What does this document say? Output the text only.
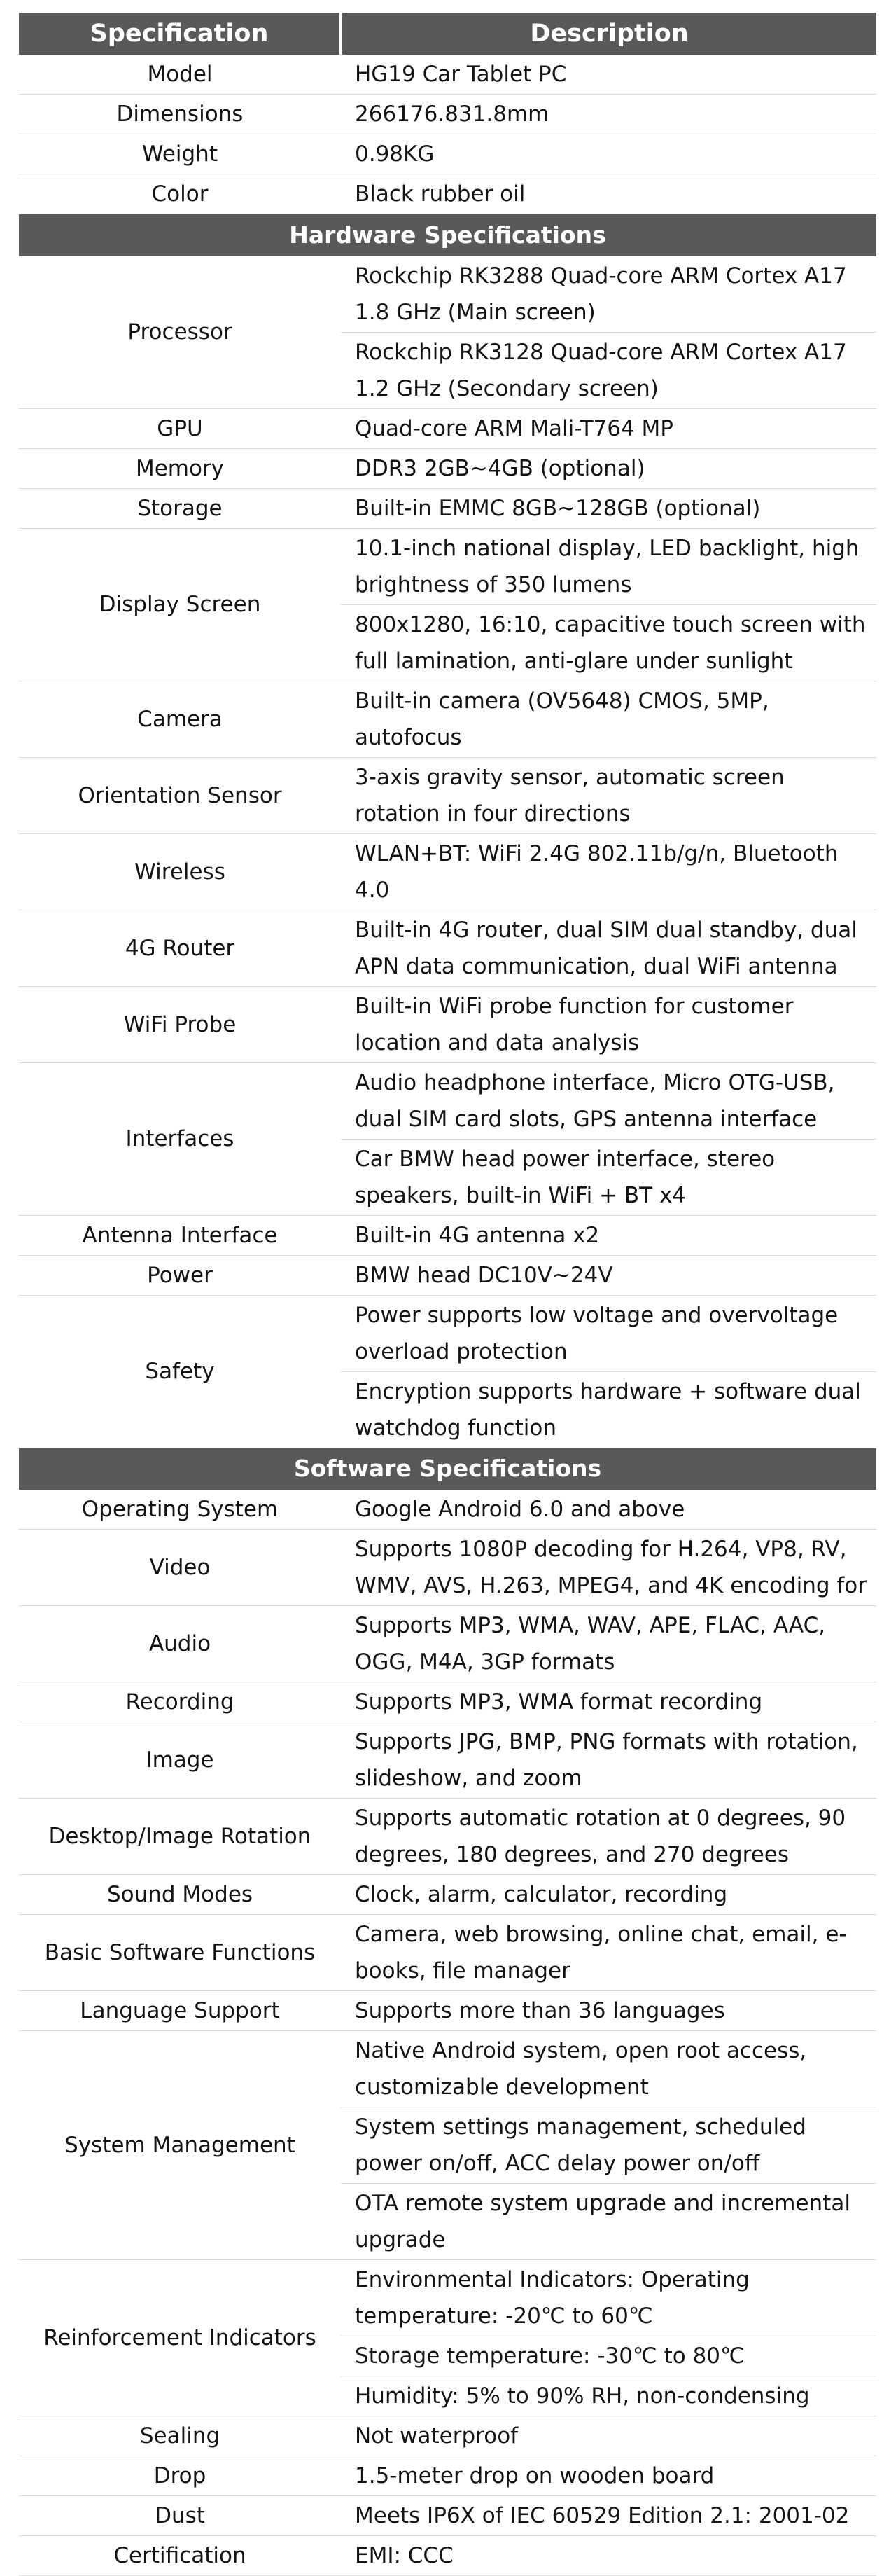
Specification	Description
Model	HG19 Car Tablet PC
Dimensions	266176.831.8mm
Weight	0.98KG
Color	Black rubber oil
Hardware Specifications	
Processor	Rockchip RK3288 Quad-core ARM Cortex A17 1.8 GHz (Main screen)
	Rockchip RK3128 Quad-core ARM Cortex A17 1.2 GHz (Secondary screen)
GPU	Quad-core ARM Mali-T764 MP
Memory	DDR3 2GB~4GB (optional)
Storage	Built-in EMMC 8GB~128GB (optional)
Display Screen	10.1-inch national display, LED backlight, high brightness of 350 lumens
	800x1280, 16:10, capacitive touch screen with full lamination, anti-glare under sunlight
Camera	Built-in camera (OV5648) CMOS, 5MP, autofocus
Orientation Sensor	3-axis gravity sensor, automatic screen rotation in four directions
Wireless	WLAN+BT: WiFi 2.4G 802.11b/g/n, Bluetooth 4.0
4G Router	Built-in 4G router, dual SIM dual standby, dual APN data communication, dual WiFi antenna
WiFi Probe	Built-in WiFi probe function for customer location and data analysis
Interfaces	Audio headphone interface, Micro OTG-USB, dual SIM card slots, GPS antenna interface
	Car BMW head power interface, stereo speakers, built-in WiFi + BT x4
Antenna Interface	Built-in 4G antenna x2
Power	BMW head DC10V~24V
Safety	Power supports low voltage and overvoltage overload protection
	Encryption supports hardware + software dual watchdog function
Software Specifications	
Operating System	Google Android 6.0 and above
Video	Supports 1080P decoding for H.264, VP8, RV, WMV, AVS, H.263, MPEG4, and 4K encoding for
Audio	Supports MP3, WMA, WAV, APE, FLAC, AAC, OGG, M4A, 3GP formats
Recording	Supports MP3, WMA format recording
Image	Supports JPG, BMP, PNG formats with rotation, slideshow, and zoom
Desktop/Image Rotation	Supports automatic rotation at 0 degrees, 90 degrees, 180 degrees, and 270 degrees
Sound Modes	Clock, alarm, calculator, recording
Basic Software Functions	Camera, web browsing, online chat, email, e-books, file manager
Language Support	Supports more than 36 languages
System Management	Native Android system, open root access, customizable development
	System settings management, scheduled power on/off, ACC delay power on/off
	OTA remote system upgrade and incremental upgrade
Reinforcement Indicators	Environmental Indicators: Operating temperature: -20℃ to 60℃
	Storage temperature: -30℃ to 80℃
	Humidity: 5% to 90% RH, non-condensing
Sealing	Not waterproof
Drop	1.5-meter drop on wooden board
Dust	Meets IP6X of IEC 60529 Edition 2.1: 2001-02
Certification	EMI: CCC
